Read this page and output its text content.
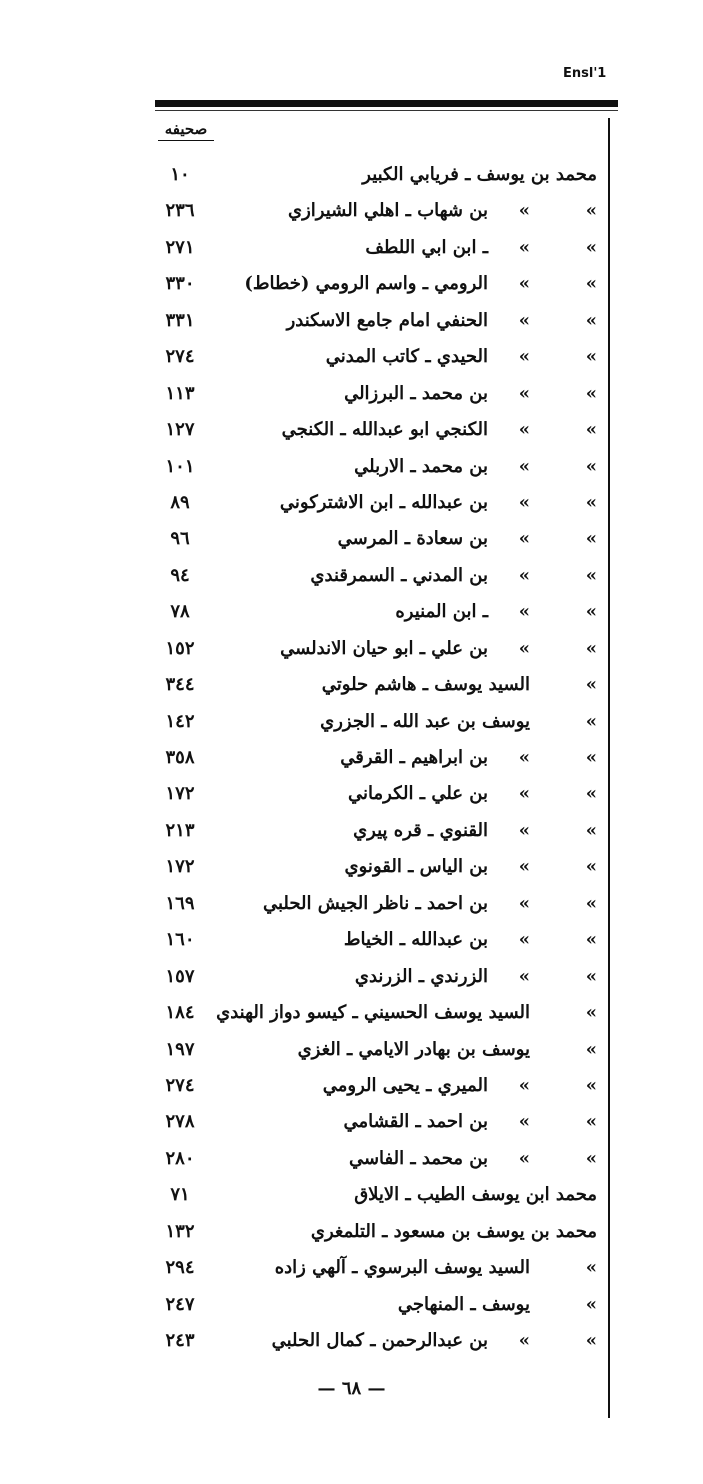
Ensl'1
صحيفه
محمد بن يوسف ـ فريابي الكبير
١٠
»
»
بن شهاب ـ اهلي الشيرازي
٢٣٦
»
»
ـ ابن ابي اللطف
٢٧١
»
»
الرومي ـ واسم الرومي (خطاط)
٣٣٠
»
»
الحنفي امام جامع الاسكندر
٣٣١
»
»
الحيدي ـ كاتب المدني
٢٧٤
»
»
بن محمد ـ البرزالي
١١٣
»
»
الكنجي ابو عبدالله ـ الكنجي
١٢٧
»
»
بن محمد ـ الاربلي
١٠١
»
»
بن عبدالله ـ ابن الاشتركوني
٨٩
»
»
بن سعادة ـ المرسي
٩٦
»
»
بن المدني ـ السمرقندي
٩٤
»
»
ـ ابن المنيره
٧٨
»
»
بن علي ـ ابو حيان الاندلسي
١٥٢
»
السيد يوسف ـ هاشم حلوتي
٣٤٤
»
يوسف بن عبد الله ـ الجزري
١٤٢
»
»
بن ابراهيم ـ القرقي
٣٥٨
»
»
بن علي ـ الكرماني
١٧٢
»
»
القنوي ـ قره پيري
٢١٣
»
»
بن الياس ـ القونوي
١٧٢
»
»
بن احمد ـ ناظر الجيش الحلبي
١٦٩
»
»
بن عبدالله ـ الخياط
١٦٠
»
»
الزرندي ـ الزرندي
١٥٧
»
السيد يوسف الحسيني ـ كيسو دواز الهندي
١٨٤
»
يوسف بن بهادر الايامي ـ الغزي
١٩٧
»
»
الميري ـ يحيى الرومي
٢٧٤
»
»
بن احمد ـ القشامي
٢٧٨
»
»
بن محمد ـ الفاسي
٢٨٠
محمد ابن يوسف الطيب ـ الايلاق
٧١
محمد بن يوسف بن مسعود ـ التلمغري
١٣٢
»
السيد يوسف البرسوي ـ آلهي زاده
٢٩٤
»
يوسف ـ المنهاجي
٢٤٧
»
»
بن عبدالرحمن ـ كمال الحلبي
٢٤٣
— ٦٨ —
